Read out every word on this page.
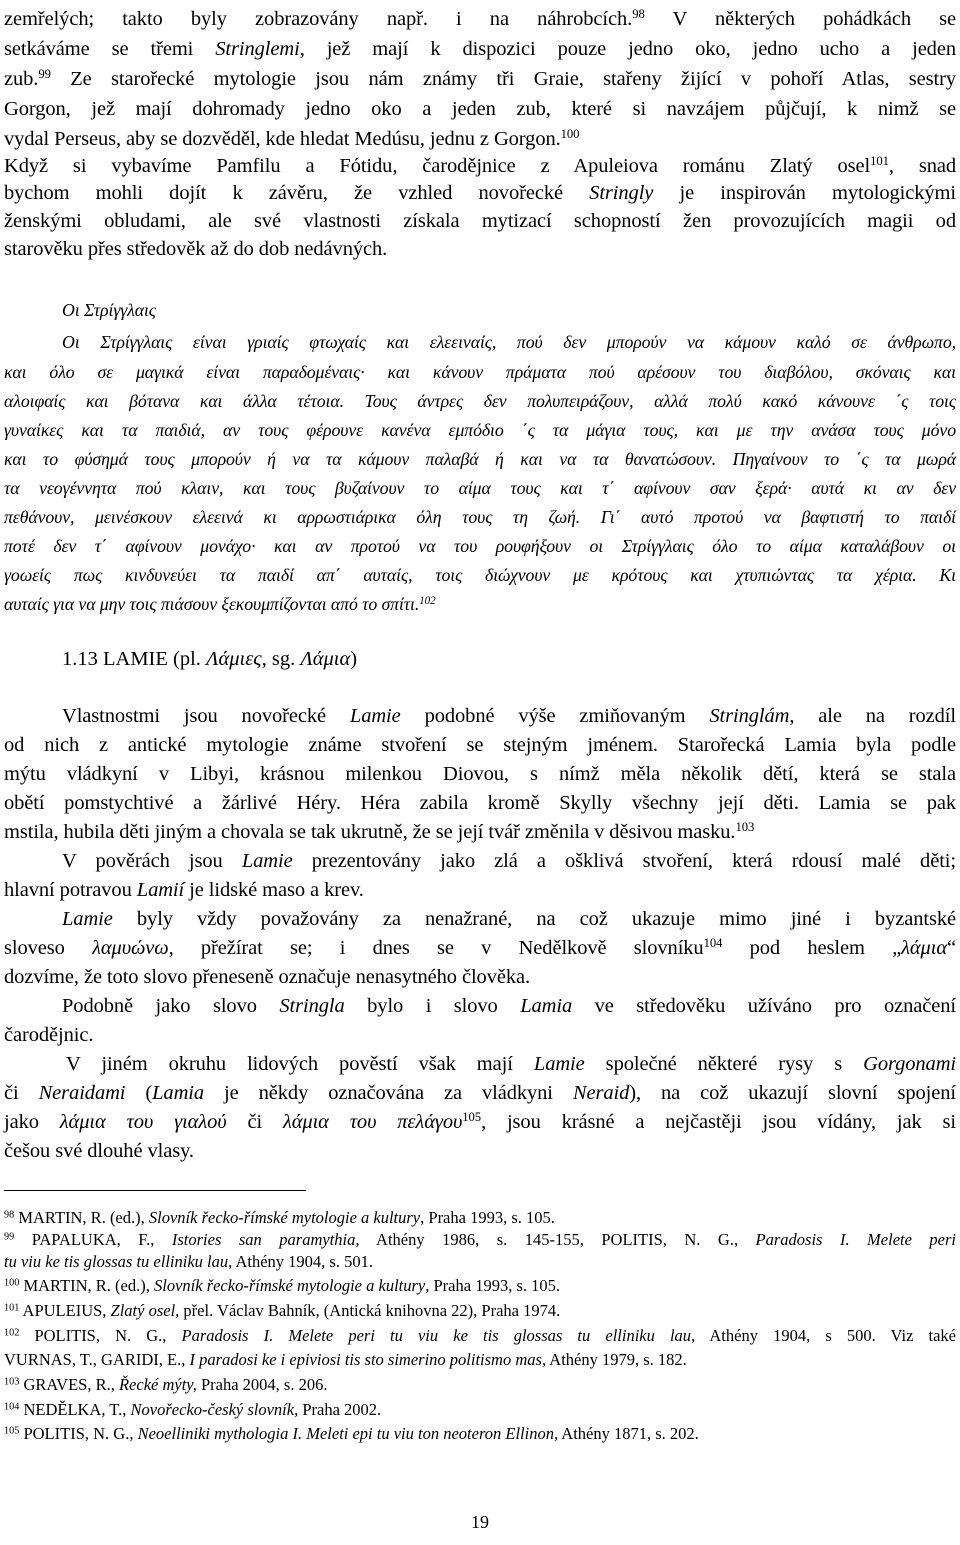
zemřelých; takto byly zobrazovány např. i na náhrobcích.$^{98}$ V některých pohádkách se
setkáváme se třemi Stringlemi, jež mají k dispozici pouze jedno oko, jedno ucho a jeden
zub.$^{99}$ Ze starořecké mytologie jsou nám známy tři Graie, stařeny žijící v pohoří Atlas, sestry
Gorgon, jež mají dohromady jedno oko a jeden zub, které si navzájem půjčují, k nimž se
vydal Perseus, aby se dozvěděl, kde hledat Medúsu, jednu z Gorgon.$^{100}$
Když si vybavíme Pamfilu a Fótidu, čarodějnice z Apuleiova románu Zlatý osel$^{101}$, snad
bychom mohli dojít k závěru, že vzhled novořecké Stringly je inspirován mytologickými
ženskými obludami, ale své vlastnosti získala mytizací schopností žen provozujících magii od
starověku přes středověk až do dob nedávných.
Οι Στρίγγλαις
Οι Στρίγγλαις είναι γριαίς φτωχαίς και ελεειναίς, πού δεν μπορούν να κάμουν καλό σε άνθρωπο,
και όλο σε μαγικά είναι παραδομέναις· και κάνουν πράματα πού αρέσουν του διαβόλου, σκόναις και
αλοιφαίς και βότανα και άλλα τέτοια. Τους άντρες δεν πολυπειράζουν, αλλά πολύ κακό κάνουνε ΄ς τοις
γυναίκες και τα παιδιά, αν τους φέρουνε κανένα εμπόδιο ΄ς τα μάγια τους, και με την ανάσα τους μόνο
και το φύσημά τους μπορούν ή να τα κάμουν παλαβά ή και να τα θανατώσουν. Πηγαίνουν το ΄ς τα μωρά
τα νεογέννητα πού κλαιν, και τους βυζαίνουν το αίμα τους και τ΄ αφίνουν σαν ξερά· αυτά κι αν δεν
πεθάνουν, μεινέσκουν ελεεινά κι αρρωστιάρικα όλη τους τη ζωή. Γι΄ αυτό προτού να βαφτιστή το παιδί
ποτέ δεν τ΄ αφίνουν μονάχο· και αν προτού να του ρουφήξουν οι Στρίγγλαις όλο το αίμα καταλάβουν οι
γοωείς πως κινδυνεύει τα παιδί απ΄ αυταίς, τοις διώχνουν με κρότους και χτυπιώντας τα χέρια. Κι
αυταίς για να μην τοις πιάσουν ξεκουμπίζονται από το σπίτι.$^{102}$
Vlastnostmi jsou novořecké Lamie podobné výše zmiňovaným Stringlám, ale na rozdíl
od nich z antické mytologie známe stvoření se stejným jménem. Starořecká Lamia byla podle
mýtu vládkyní v Libyi, krásnou milenkou Diovou, s nímž měla několik dětí, která se stala
obětí pomstychtivé a žárlivé Héry. Héra zabila kromě Skylly všechny její děti. Lamia se pak
mstila, hubila děti jiným a chovala se tak ukrutně, že se její tvář změnila v děsivou masku.$^{103}$
V pověrách jsou Lamie prezentovány jako zlá a ošklivá stvoření, která rdousí malé děti;
hlavní potravou Lamií je lidské maso a krev.
Lamie byly vždy považovány za nenažrané, na což ukazuje mimo jiné i byzantské
sloveso λαμυώνω, přežírat se; i dnes se v Nedělkově slovníku$^{104}$ pod heslem „λάμια“
dozvíme, že toto slovo přeneseně označuje nenasytného člověka.
Podobně jako slovo Stringla bylo i slovo Lamia ve středověku užíváno pro označení
čarodějnic.
V jiném okruhu lidových pověstí však mají Lamie společné některé rysy s Gorgonami
či Neraidami (Lamia je někdy označována za vládkyni Neraid), na což ukazují slovní spojení
jako λάμια του γιαλού či λάμια του πελάγου$^{105}$, jsou krásné a nejčastěji jsou vídány, jak si
češou své dlouhé vlasy.
$^{98}$ MARTIN, R. (ed.), Slovník řecko-římské mytologie a kultury, Praha 1993, s. 105.
$^{99}$ PAPALUKA, F., Istories san paramythia, Athény 1986, s. 145-155, POLITIS, N. G., Paradosis I. Melete peri
tu viu ke tis glossas tu elliniku lau, Athény 1904, s. 501.
$^{100}$ MARTIN, R. (ed.), Slovník řecko-římské mytologie a kultury, Praha 1993, s. 105.
$^{101}$ APULEIUS, Zlatý osel, přel. Václav Bahník, (Antická knihovna 22), Praha 1974.
$^{102}$ POLITIS, N. G., Paradosis I. Melete peri tu viu ke tis glossas tu elliniku lau, Athény 1904, s 500. Viz také
VURNAS, T., GARIDI, E., I paradosi ke i epiviosi tis sto simerino politismo mas, Athény 1979, s. 182.
$^{103}$ GRAVES, R., Řecké mýty, Praha 2004, s. 206.
$^{104}$ NEDĚLKA, T., Novořecko-český slovník, Praha 2002.
$^{105}$ POLITIS, N. G., Neoelliniki mythologia I. Meleti epi tu viu ton neoteron Ellinon, Athény 1871, s. 202.
1.13 LAMIE (pl. Λάμιες, sg. Λάμια)
19
